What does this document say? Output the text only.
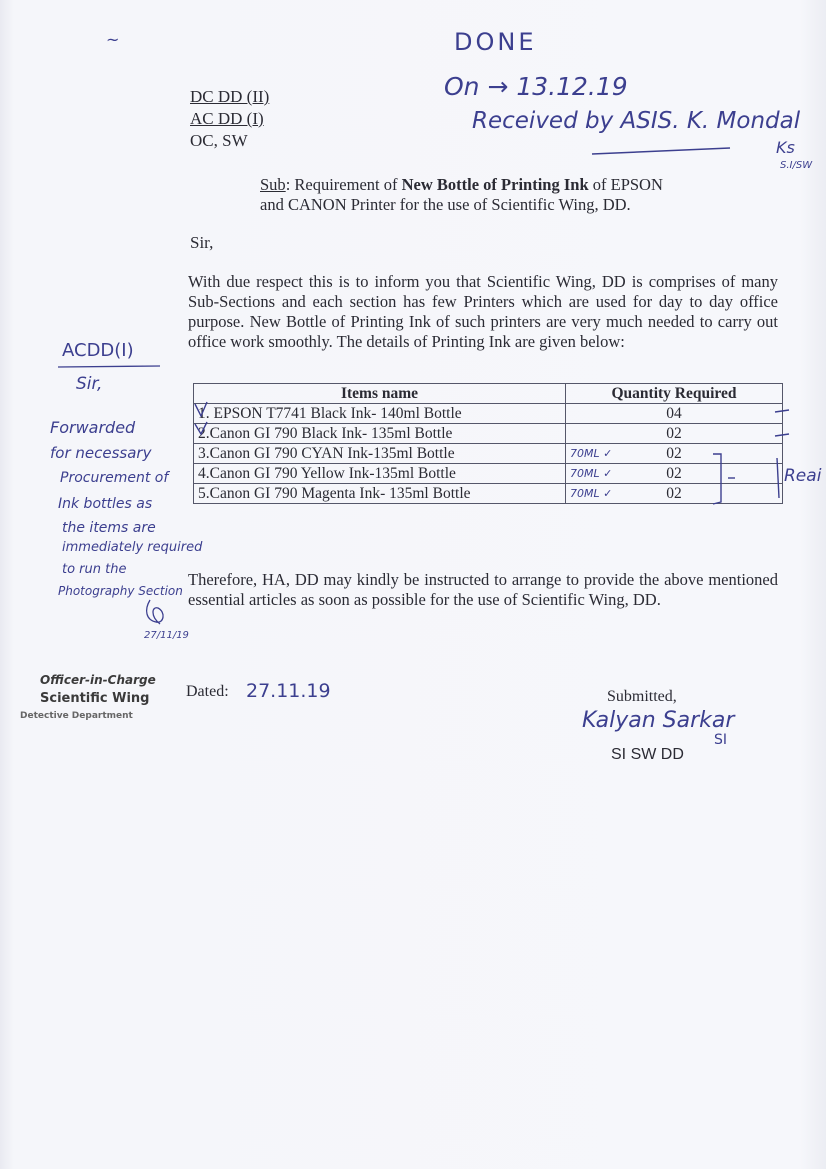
~	DONE
On → 13.12.19
Received by ASIS. K. Mondal
Ks
S.I/SW
DC DD (II)
AC DD (I)
OC, SW
Sub: Requirement of New Bottle of Printing Ink of EPSON
and CANON Printer for the use of Scientific Wing, DD.
Sir,
With due respect this is to inform you that Scientific Wing, DD is comprises of many Sub-Sections and each section has few Printers which are used for day to day office purpose. New Bottle of Printing Ink of such printers are very much needed to carry out office work smoothly. The details of Printing Ink are given below:
Items name	Quantity Required
1. EPSON T7741 Black Ink- 140ml Bottle	04
2.Canon GI 790 Black Ink- 135ml Bottle	02
3.Canon GI 790 CYAN Ink-135ml Bottle	70ML ✓ 02
4.Canon GI 790 Yellow Ink-135ml Bottle	70ML ✓ 02
5.Canon GI 790 Magenta Ink- 135ml Bottle	70ML ✓ 02
Reai
ACDD(I)
Sir,
Forwarded
for necessary
Procurement of
Ink bottles as
the items are
immediately required
to run the
Photography Section
27/11/19
Therefore, HA, DD may kindly be instructed to arrange to provide the above mentioned essential articles as soon as possible for the use of Scientific Wing, DD.
Officer-in-Charge
Scientific Wing
Detective Department
Dated: 27.11.19	Submitted,
Kalyan Sarkar
SI
SI SW DD
